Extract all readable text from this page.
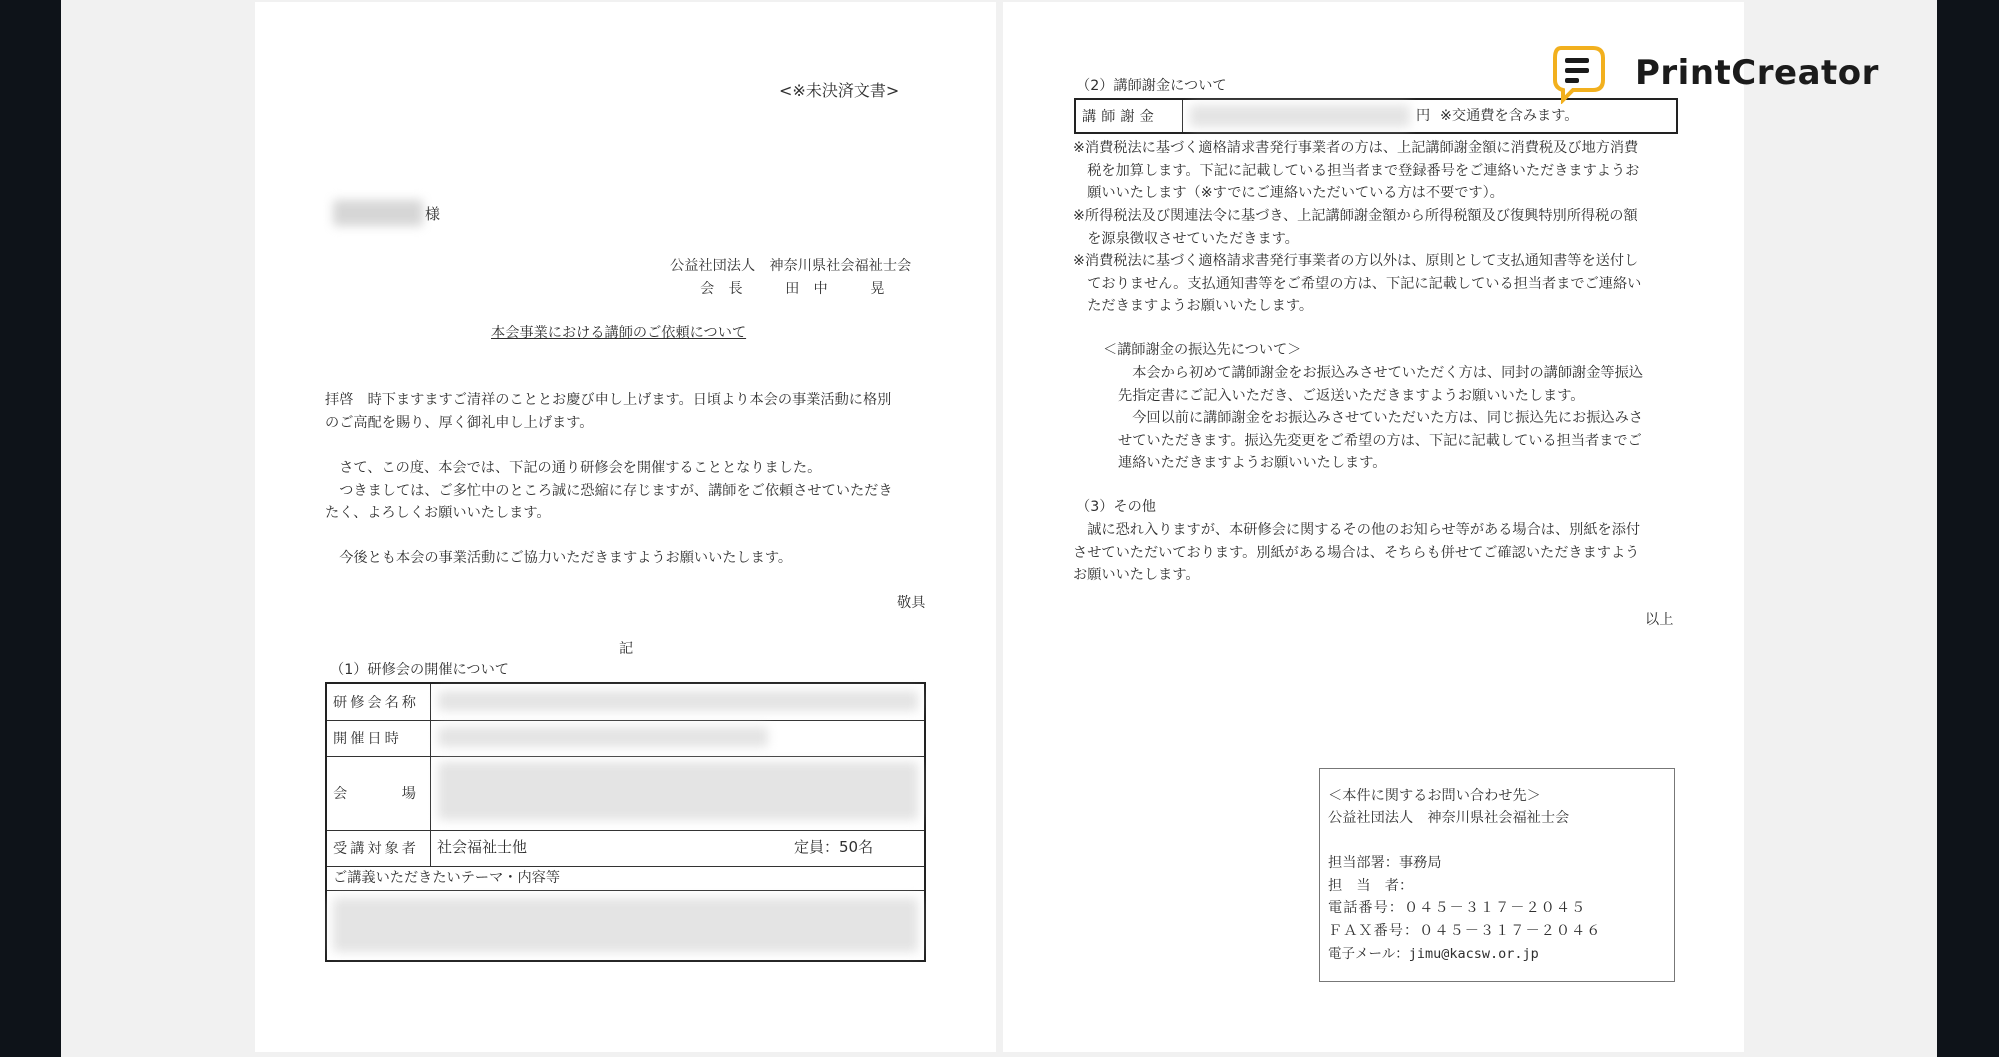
<※未決済文書>
様
公益社団法人　神奈川県社会福祉士会
会　長　　　田　中　　　晃
本会事業における講師のご依頼について
拝啓　時下ますますご清祥のこととお慶び申し上げます。日頃より本会の事業活動に格別
のご高配を賜り、厚く御礼申し上げます。
　さて、この度、本会では、下記の通り研修会を開催することとなりました。
　つきましては、ご多忙中のところ誠に恐縮に存じますが、講師をご依頼させていただき
たく、よろしくお願いいたします。
　今後とも本会の事業活動にご協力いただきますようお願いいたします。
敬具
記
（1）研修会の開催について
研修会名称
開催日時
会　　　場
受講対象者	社会福祉士他	定員：50名
ご講義いただきたいテーマ・内容等
（2）講師謝金について
講師謝金	円 ※交通費を含みます。
※消費税法に基づく適格請求書発行事業者の方は、上記講師謝金額に消費税及び地方消費
　税を加算します。下記に記載している担当者まで登録番号をご連絡いただきますようお
　願いいたします（※すでにご連絡いただいている方は不要です）。
※所得税法及び関連法令に基づき、上記講師謝金額から所得税額及び復興特別所得税の額
　を源泉徴収させていただきます。
※消費税法に基づく適格請求書発行事業者の方以外は、原則として支払通知書等を送付し
　ておりません。支払通知書等をご希望の方は、下記に記載している担当者までご連絡い
　ただきますようお願いいたします。
＜講師謝金の振込先について＞
　本会から初めて講師謝金をお振込みさせていただく方は、同封の講師謝金等振込
先指定書にご記入いただき、ご返送いただきますようお願いいたします。
　今回以前に講師謝金をお振込みさせていただいた方は、同じ振込先にお振込みさ
せていただきます。振込先変更をご希望の方は、下記に記載している担当者までご
連絡いただきますようお願いいたします。
（3）その他
　誠に恐れ入りますが、本研修会に関するその他のお知らせ等がある場合は、別紙を添付
させていただいております。別紙がある場合は、そちらも併せてご確認いただきますよう
お願いいたします。
以上
＜本件に関するお問い合わせ先＞
公益社団法人　神奈川県社会福祉士会
担当部署：事務局
担　当　者：
電話番号：０４５－３１７－２０４５
ＦＡＸ番号：０４５－３１７－２０４６
電子メール：jimu@kacsw.or.jp
PrintCreator
